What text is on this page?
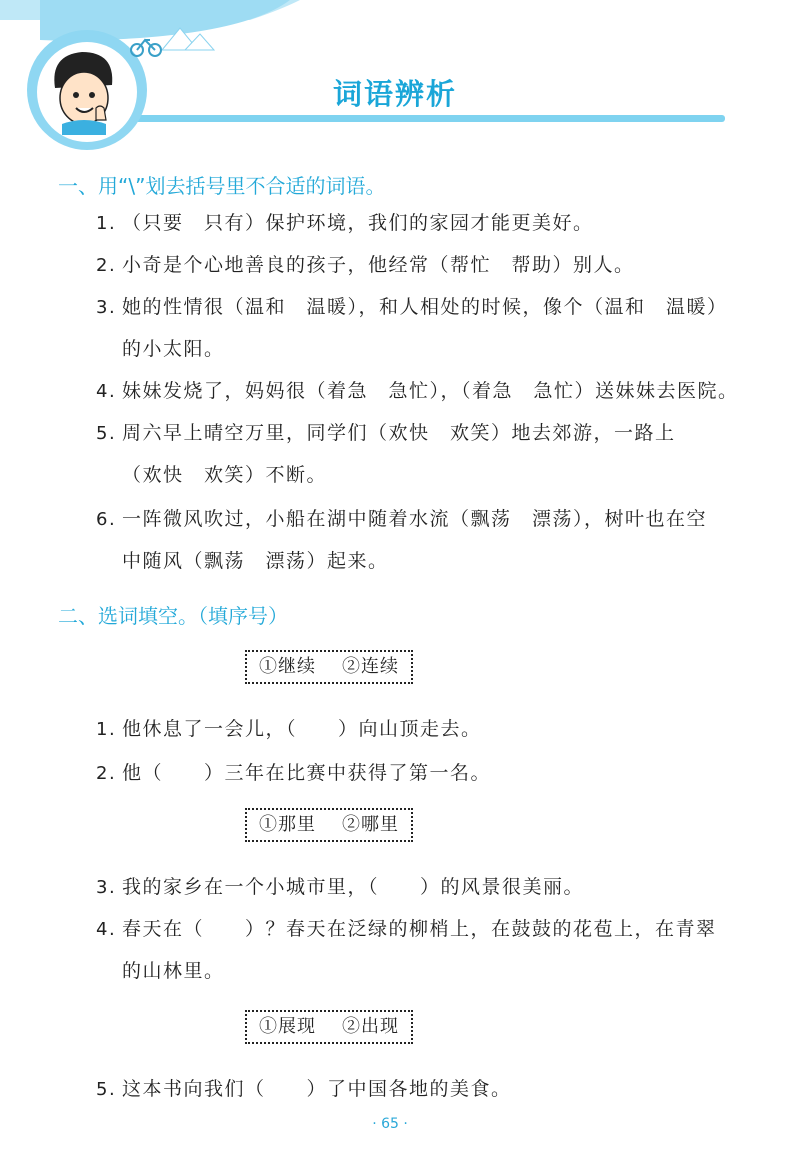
词语辨析
一、用“\”划去括号里不合适的词语。
1. （只要　只有）保护环境，我们的家园才能更美好。
2. 小奇是个心地善良的孩子，他经常（帮忙　帮助）别人。
3. 她的性情很（温和　温暖），和人相处的时候，像个（温和　温暖）
的小太阳。
4. 妹妹发烧了，妈妈很（着急　急忙），（着急　急忙）送妹妹去医院。
5. 周六早上晴空万里，同学们（欢快　欢笑）地去郊游，一路上
（欢快　欢笑）不断。
6. 一阵微风吹过，小船在湖中随着水流（飘荡　漂荡），树叶也在空
中随风（飘荡　漂荡）起来。
二、选词填空。（填序号）
①继续 ②连续
1. 他休息了一会儿，（　　）向山顶走去。
2. 他（　　）三年在比赛中获得了第一名。
①那里 ②哪里
3. 我的家乡在一个小城市里，（　　）的风景很美丽。
4. 春天在（　　）？春天在泛绿的柳梢上，在鼓鼓的花苞上，在青翠
的山林里。
①展现 ②出现
5. 这本书向我们（　　）了中国各地的美食。
· 65 ·
